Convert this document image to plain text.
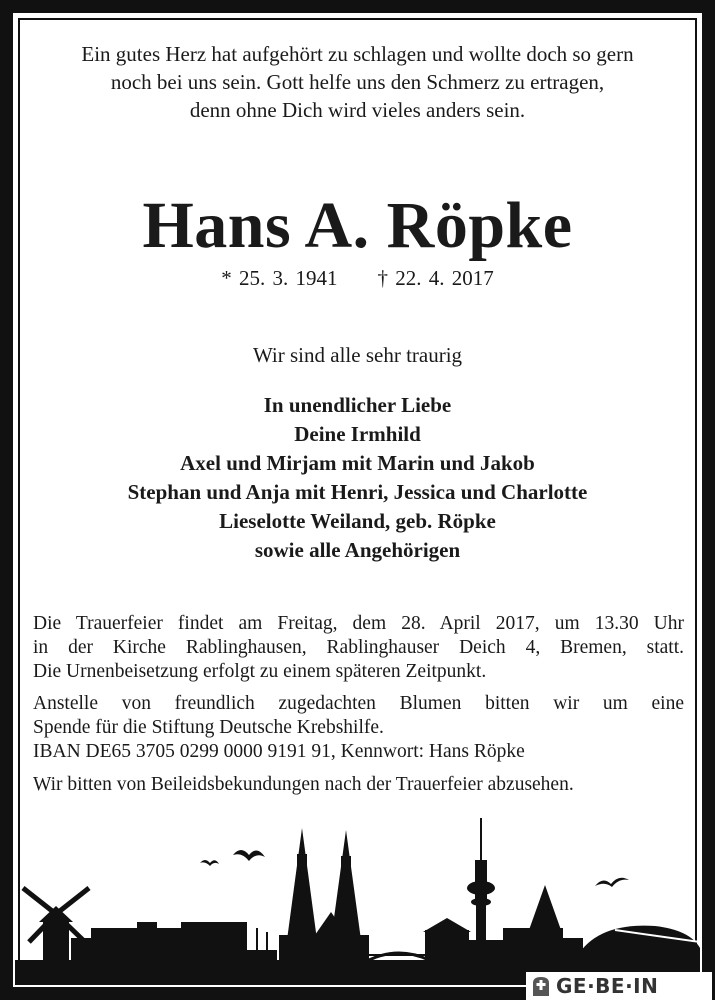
Ein gutes Herz hat aufgehört zu schlagen und wollte doch so gern
noch bei uns sein. Gott helfe uns den Schmerz zu ertragen,
denn ohne Dich wird vieles anders sein.
Hans A. Röpke
* 25. 3. 1941 † 22. 4. 2017
Wir sind alle sehr traurig
In unendlicher Liebe
Deine Irmhild
Axel und Mirjam mit Marin und Jakob
Stephan und Anja mit Henri, Jessica und Charlotte
Lieselotte Weiland, geb. Röpke
sowie alle Angehörigen
Die Trauerfeier findet am Freitag, dem 28. April 2017, um 13.30 Uhr
in der Kirche Rablinghausen, Rablinghauser Deich 4, Bremen, statt.
Die Urnenbeisetzung erfolgt zu einem späteren Zeitpunkt.
Anstelle von freundlich zugedachten Blumen bitten wir um eine
Spende für die Stiftung Deutsche Krebshilfe.
IBAN DE65 3705 0299 0000 9191 91, Kennwort: Hans Röpke
Wir bitten von Beileidsbekundungen nach der Trauerfeier abzusehen.
GE·BE·IN
